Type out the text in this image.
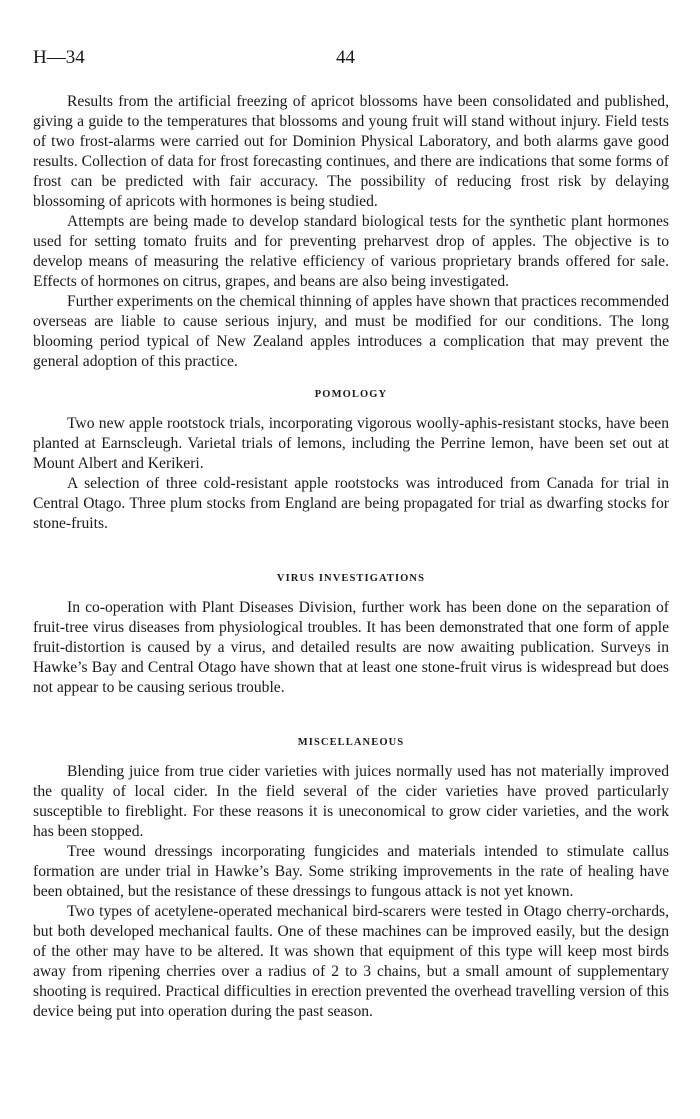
H—34	44

Results from the artificial freezing of apricot blossoms have been consolidated and published, giving a guide to the temperatures that blossoms and young fruit will stand without injury. Field tests of two frost-alarms were carried out for Dominion Physical Laboratory, and both alarms gave good results. Collection of data for frost forecasting continues, and there are indications that some forms of frost can be predicted with fair accuracy. The possibility of reducing frost risk by delaying blossoming of apricots with hormones is being studied.

Attempts are being made to develop standard biological tests for the synthetic plant hormones used for setting tomato fruits and for preventing preharvest drop of apples. The objective is to develop means of measuring the relative efficiency of various proprietary brands offered for sale. Effects of hormones on citrus, grapes, and beans are also being investigated.

Further experiments on the chemical thinning of apples have shown that practices recommended overseas are liable to cause serious injury, and must be modified for our conditions. The long blooming period typical of New Zealand apples introduces a complication that may prevent the general adoption of this practice.

POMOLOGY

Two new apple rootstock trials, incorporating vigorous woolly-aphis-resistant stocks, have been planted at Earnscleugh. Varietal trials of lemons, including the Perrine lemon, have been set out at Mount Albert and Kerikeri.

A selection of three cold-resistant apple rootstocks was introduced from Canada for trial in Central Otago. Three plum stocks from England are being propagated for trial as dwarfing stocks for stone-fruits.

VIRUS INVESTIGATIONS

In co-operation with Plant Diseases Division, further work has been done on the separation of fruit-tree virus diseases from physiological troubles. It has been demonstrated that one form of apple fruit-distortion is caused by a virus, and detailed results are now awaiting publication. Surveys in Hawke’s Bay and Central Otago have shown that at least one stone-fruit virus is widespread but does not appear to be causing serious trouble.

MISCELLANEOUS

Blending juice from true cider varieties with juices normally used has not materially improved the quality of local cider. In the field several of the cider varieties have proved particularly susceptible to fireblight. For these reasons it is uneconomical to grow cider varieties, and the work has been stopped.

Tree wound dressings incorporating fungicides and materials intended to stimulate callus formation are under trial in Hawke’s Bay. Some striking improvements in the rate of healing have been obtained, but the resistance of these dressings to fungous attack is not yet known.

Two types of acetylene-operated mechanical bird-scarers were tested in Otago cherry-orchards, but both developed mechanical faults. One of these machines can be improved easily, but the design of the other may have to be altered. It was shown that equipment of this type will keep most birds away from ripening cherries over a radius of 2 to 3 chains, but a small amount of supplementary shooting is required. Practical difficulties in erection prevented the overhead travelling version of this device being put into operation during the past season.
